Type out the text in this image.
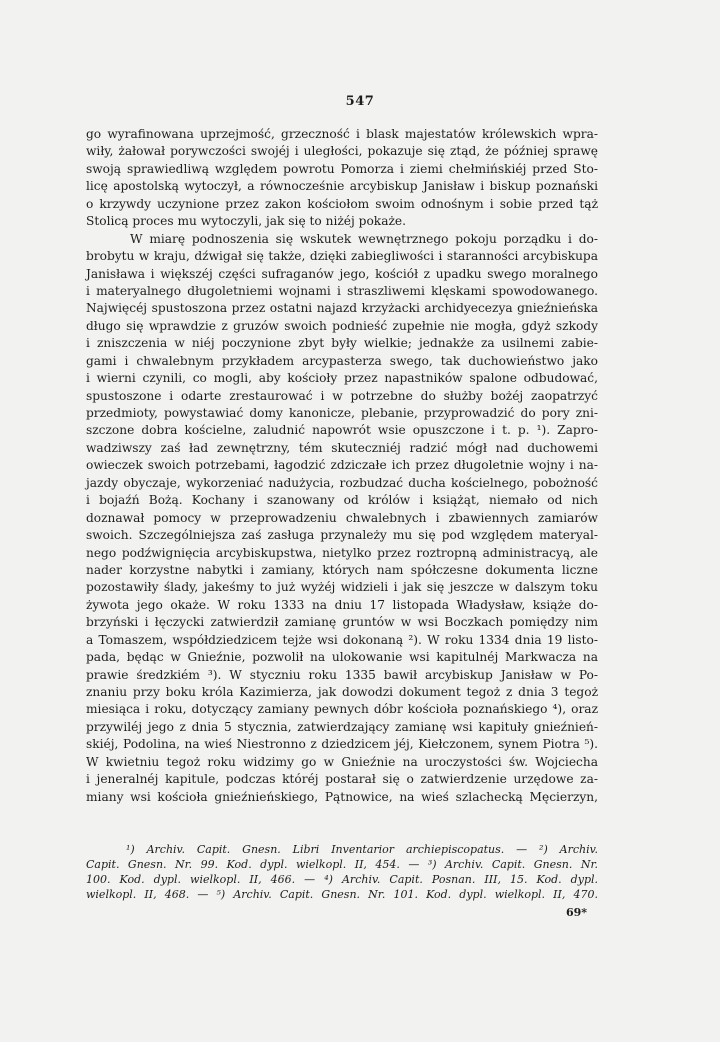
547
go wyrafinowana uprzejmość, grzeczność i blask majestatów królewskich wpra-
wiły, żałował porywczości swojéj i uległości, pokazuje się ztąd, że później sprawę
swoją sprawiedliwą względem powrotu Pomorza i ziemi chełmińskiéj przed Sto-
licę apostolską wytoczył, a równocześnie arcybiskup Janisław i biskup poznański
o krzywdy uczynione przez zakon kościołom swoim odnośnym i sobie przed tąż
Stolicą proces mu wytoczyli, jak się to niżéj pokaże.
W miarę podnoszenia się wskutek wewnętrznego pokoju porządku i do-
brobytu w kraju, dźwigał się także, dzięki zabiegliwości i staranności arcybiskupa
Janisława i większéj części sufraganów jego, kościół z upadku swego moralnego
i materyalnego długoletniemi wojnami i straszliwemi klęskami spowodowanego.
Najwięcéj spustoszona przez ostatni najazd krzyżacki archidyecezya gnieźnieńska
długo się wprawdzie z gruzów swoich podnieść zupełnie nie mogła, gdyż szkody
i zniszczenia w niéj poczynione zbyt były wielkie; jednakże za usilnemi zabie-
gami i chwalebnym przykładem arcypasterza swego, tak duchowieństwo jako
i wierni czynili, co mogli, aby kościoły przez napastników spalone odbudować,
spustoszone i odarte zrestaurować i w potrzebne do służby bożéj zaopatrzyć
przedmioty, powystawiać domy kanonicze, plebanie, przyprowadzić do pory zni-
szczone dobra kościelne, zaludnić napowrót wsie opuszczone i t. p. ¹). Zapro-
wadziwszy zaś ład zewnętrzny, tém skuteczniéj radzić mógł nad duchowemi
owieczek swoich potrzebami, łagodzić zdziczałe ich przez długoletnie wojny i na-
jazdy obyczaje, wykorzeniać nadużycia, rozbudzać ducha kościelnego, pobożność
i bojaźń Bożą. Kochany i szanowany od królów i książąt, niemało od nich
doznawał pomocy w przeprowadzeniu chwalebnych i zbawiennych zamiarów
swoich. Szczególniejsza zaś zasługa przynależy mu się pod względem materyal-
nego podźwignięcia arcybiskupstwa, nietylko przez roztropną administracyą, ale
nader korzystne nabytki i zamiany, których nam spółczesne dokumenta liczne
pozostawiły ślady, jakeśmy to już wyżéj widzieli i jak się jeszcze w dalszym toku
żywota jego okaże. W roku 1333 na dniu 17 listopada Władysław, książe do-
brzyński i łęczycki zatwierdził zamianę gruntów w wsi Boczkach pomiędzy nim
a Tomaszem, współdziedzicem tejże wsi dokonaną ²). W roku 1334 dnia 19 listo-
pada, będąc w Gnieźnie, pozwolił na ulokowanie wsi kapitulnéj Markwacza na
prawie średzkiém ³). W styczniu roku 1335 bawił arcybiskup Janisław w Po-
znaniu przy boku króla Kazimierza, jak dowodzi dokument tegoż z dnia 3 tegoż
miesiąca i roku, dotyczący zamiany pewnych dóbr kościoła poznańskiego ⁴), oraz
przywiléj jego z dnia 5 stycznia, zatwierdzający zamianę wsi kapituły gnieźnień-
skiéj, Podolina, na wieś Niestronno z dziedzicem jéj, Kiełczonem, synem Piotra ⁵).
W kwietniu tegoż roku widzimy go w Gnieźnie na uroczystości św. Wojciecha
i jeneralnéj kapitule, podczas któréj postarał się o zatwierdzenie urzędowe za-
miany wsi kościoła gnieźnieńskiego, Pątnowice, na wieś szlachecką Męcierzyn,
¹) Archiv. Capit. Gnesn. Libri Inventarior archiepiscopatus. — ²) Archiv.
Capit. Gnesn. Nr. 99. Kod. dypl. wielkopl. II, 454. — ³) Archiv. Capit. Gnesn. Nr.
100. Kod. dypl. wielkopl. II, 466. — ⁴) Archiv. Capit. Posnan. III, 15. Kod. dypl.
wielkopl. II, 468. — ⁵) Archiv. Capit. Gnesn. Nr. 101. Kod. dypl. wielkopl. II, 470.
69*
